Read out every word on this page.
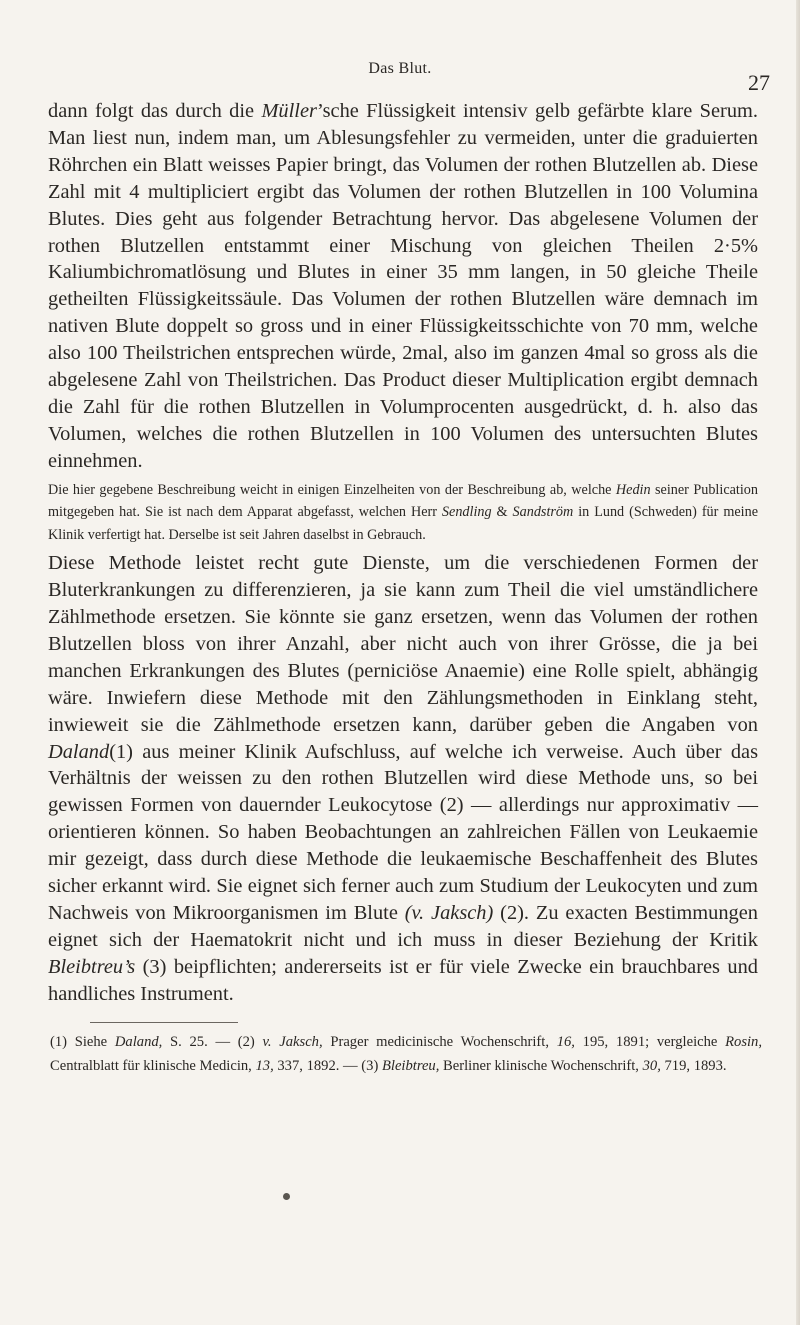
Das Blut.
27

dann folgt das durch die Müller’sche Flüssigkeit intensiv gelb gefärbte klare Serum. Man liest nun, indem man, um Ablesungsfehler zu vermeiden, unter die graduierten Röhrchen ein Blatt weisses Papier bringt, das Volumen der rothen Blutzellen ab. Diese Zahl mit 4 multipliciert ergibt das Volumen der rothen Blutzellen in 100 Volumina Blutes. Dies geht aus folgender Betrachtung hervor. Das abgelesene Volumen der rothen Blutzellen entstammt einer Mischung von gleichen Theilen 2·5% Kaliumbichromatlösung und Blutes in einer 35 mm langen, in 50 gleiche Theile getheilten Flüssigkeitssäule. Das Volumen der rothen Blutzellen wäre demnach im nativen Blute doppelt so gross und in einer Flüssigkeitsschichte von 70 mm, welche also 100 Theilstrichen entsprechen würde, 2mal, also im ganzen 4mal so gross als die abgelesene Zahl von Theilstrichen. Das Product dieser Multiplication ergibt demnach die Zahl für die rothen Blutzellen in Volumprocenten ausgedrückt, d. h. also das Volumen, welches die rothen Blutzellen in 100 Volumen des untersuchten Blutes einnehmen.

Die hier gegebene Beschreibung weicht in einigen Einzelheiten von der Beschreibung ab, welche Hedin seiner Publication mitgegeben hat. Sie ist nach dem Apparat abgefasst, welchen Herr Sendling & Sandström in Lund (Schweden) für meine Klinik verfertigt hat. Derselbe ist seit Jahren daselbst in Gebrauch.

Diese Methode leistet recht gute Dienste, um die verschiedenen Formen der Bluterkrankungen zu differenzieren, ja sie kann zum Theil die viel umständlichere Zählmethode ersetzen. Sie könnte sie ganz ersetzen, wenn das Volumen der rothen Blutzellen bloss von ihrer Anzahl, aber nicht auch von ihrer Grösse, die ja bei manchen Erkrankungen des Blutes (perniciöse Anaemie) eine Rolle spielt, abhängig wäre. Inwiefern diese Methode mit den Zählungsmethoden in Einklang steht, inwieweit sie die Zählmethode ersetzen kann, darüber geben die Angaben von Daland(1) aus meiner Klinik Aufschluss, auf welche ich verweise. Auch über das Verhältnis der weissen zu den rothen Blutzellen wird diese Methode uns, so bei gewissen Formen von dauernder Leukocytose (2) — allerdings nur approximativ — orientieren können. So haben Beobachtungen an zahlreichen Fällen von Leukaemie mir gezeigt, dass durch diese Methode die leukaemische Beschaffenheit des Blutes sicher erkannt wird. Sie eignet sich ferner auch zum Studium der Leukocyten und zum Nachweis von Mikroorganismen im Blute (v. Jaksch) (2). Zu exacten Bestimmungen eignet sich der Haematokrit nicht und ich muss in dieser Beziehung der Kritik Bleibtreu’s (3) beipflichten; andererseits ist er für viele Zwecke ein brauchbares und handliches Instrument.

(1) Siehe Daland, S. 25. — (2) v. Jaksch, Prager medicinische Wochenschrift, 16, 195, 1891; vergleiche Rosin, Centralblatt für klinische Medicin, 13, 337, 1892. — (3) Bleibtreu, Berliner klinische Wochenschrift, 30, 719, 1893.
